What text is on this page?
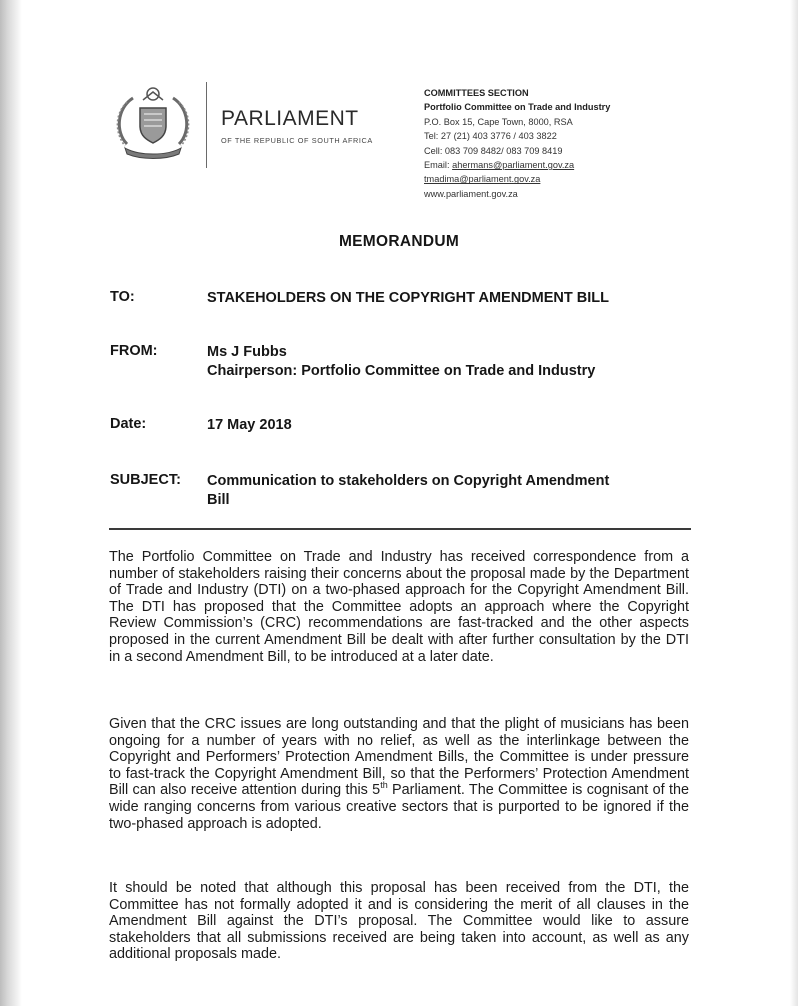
PARLIAMENT
OF THE REPUBLIC OF SOUTH AFRICA
COMMITTEES SECTION
Portfolio Committee on Trade and Industry
P.O. Box 15, Cape Town, 8000, RSA
Tel: 27 (21) 403 3776 / 403 3822
Cell: 083 709 8482/ 083 709 8419
Email: ahermans@parliament.gov.za
tmadima@parliament.gov.za
www.parliament.gov.za
MEMORANDUM
TO:	STAKEHOLDERS ON THE COPYRIGHT AMENDMENT BILL
FROM:	Ms J Fubbs
Chairperson: Portfolio Committee on Trade and Industry
Date:	17 May 2018
SUBJECT: Communication to stakeholders on Copyright Amendment
Bill

The Portfolio Committee on Trade and Industry has received correspondence from a number of stakeholders raising their concerns about the proposal made by the Department of Trade and Industry (DTI) on a two-phased approach for the Copyright Amendment Bill. The DTI has proposed that the Committee adopts an approach where the Copyright Review Commission’s (CRC) recommendations are fast-tracked and the other aspects proposed in the current Amendment Bill be dealt with after further consultation by the DTI in a second Amendment Bill, to be introduced at a later date.

Given that the CRC issues are long outstanding and that the plight of musicians has been ongoing for a number of years with no relief, as well as the interlinkage between the Copyright and Performers’ Protection Amendment Bills, the Committee is under pressure to fast-track the Copyright Amendment Bill, so that the Performers’ Protection Amendment Bill can also receive attention during this 5th Parliament. The Committee is cognisant of the wide ranging concerns from various creative sectors that is purported to be ignored if the two-phased approach is adopted.

It should be noted that although this proposal has been received from the DTI, the Committee has not formally adopted it and is considering the merit of all clauses in the Amendment Bill against the DTI’s proposal. The Committee would like to assure stakeholders that all submissions received are being taken into account, as well as any additional proposals made.
